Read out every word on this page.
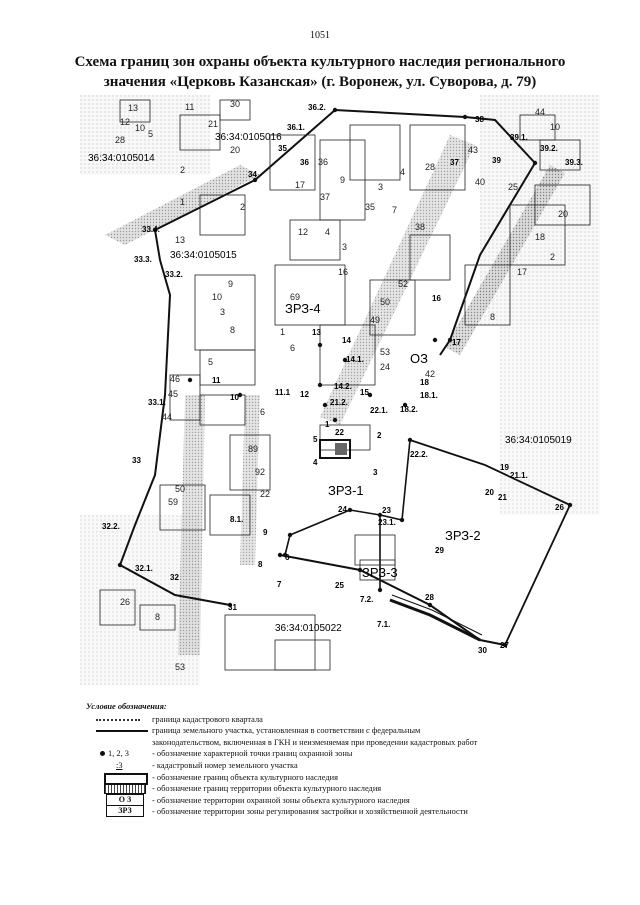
1051
Схема границ зон охраны объекта культурного наследия регионального
значения «Церковь Казанская» (г. Воронеж, ул. Суворова, д. 79)
36:34:0105016
36:34:0105014
36:34:0105015
36:34:0105019
36:34:0105022
ЗРЗ-4
ОЗ
ЗРЗ-1
ЗРЗ-2
ЗРЗ-3
1
2
3
4
5
6
7
7.1.
7.2.
8
8.1.
9
10
11
11.1 12
13
14
14.1.
14.2.
15
16
17
18
18.1.
18.2.
19
20
21
21.1.
21.2.
22
22.1.
22.2.
23
23.1.
24
25
26
27
28
29
30
31
32
32.1.
32.2.
33
33.1.
33.2.
33.3.
33.4.
34
35
36
36.1.
36.2.
37
38
39
39.1.
39.2.
39.3.
13	11	30
5
21
12
10
28
2
20
1
17
36
37
9
35
3
4
7
28
13
2
12 4
3
69
16
9
10
3
8
6
5
1
52
50
49
53
42
46
45
44	6
89
92
59
50	22
24
26
8
53
38
44
10
43
40	25
18
17
2
8
20
Условие обозначения:
граница кадастрового квартала
граница земельного участка, установленная в соответствии с федеральным
законодательством, включенная в ГКН и неизменяемая при проведении кадастровых работ
1, 2, 3	- обозначение характерной точки границ охранной зоны
:3	- кадастровый номер земельного участка
- обозначение границ объекта культурного наследия
- обозначение границ территории объекта культурного наследия
О З	- обозначение территории охранной зоны объекта культурного наследия
ЗРЗ	- обозначение территории зоны регулирования застройки и хозяйственной деятельности
